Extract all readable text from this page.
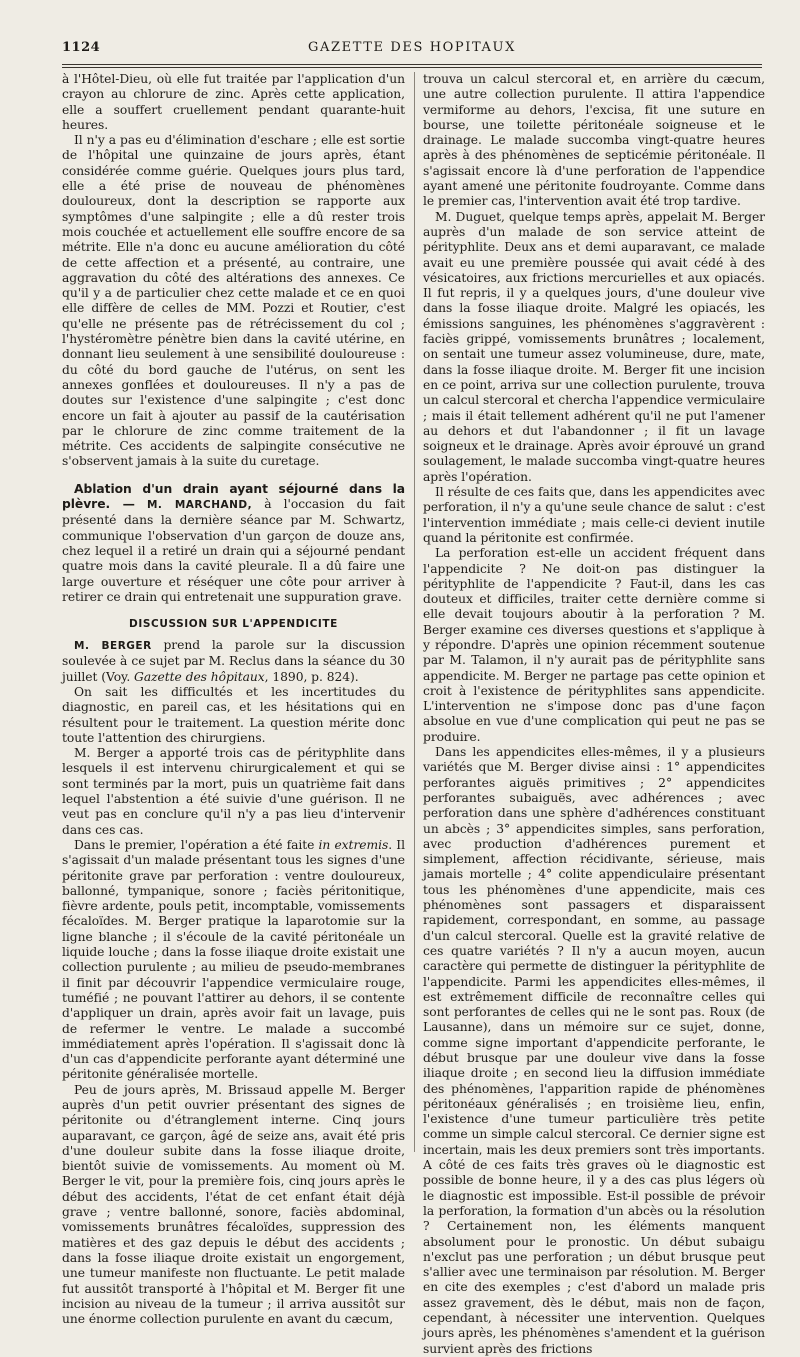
1124	GAZETTE DES HOPITAUX

à l'Hôtel-Dieu, où elle fut traitée par l'application d'un crayon au chlorure de zinc. Après cette application, elle a souffert cruellement pendant quarante-huit heures.

Il n'y a pas eu d'élimination d'eschare ; elle est sortie de l'hôpital une quinzaine de jours après, étant considérée comme guérie. Quelques jours plus tard, elle a été prise de nouveau de phénomènes douloureux, dont la description se rapporte aux symptômes d'une salpingite ; elle a dû rester trois mois couchée et actuellement elle souffre encore de sa métrite. Elle n'a donc eu aucune amélioration du côté de cette affection et a présenté, au contraire, une aggravation du côté des altérations des annexes. Ce qu'il y a de particulier chez cette malade et ce en quoi elle diffère de celles de MM. Pozzi et Routier, c'est qu'elle ne présente pas de rétrécissement du col ; l'hystéromètre pénètre bien dans la cavité utérine, en donnant lieu seulement à une sensibilité douloureuse : du côté du bord gauche de l'utérus, on sent les annexes gonflées et douloureuses. Il n'y a pas de doutes sur l'existence d'une salpingite ; c'est donc encore un fait à ajouter au passif de la cautérisation par le chlorure de zinc comme traitement de la métrite. Ces accidents de salpingite consécutive ne s'observent jamais à la suite du curetage.

Ablation d'un drain ayant séjourné dans la plèvre. — M. MARCHAND, à l'occasion du fait présenté dans la dernière séance par M. Schwartz, communique l'observation d'un garçon de douze ans, chez lequel il a retiré un drain qui a séjourné pendant quatre mois dans la cavité pleurale. Il a dû faire une large ouverture et réséquer une côte pour arriver à retirer ce drain qui entretenait une suppuration grave.

DISCUSSION SUR L'APPENDICITE

M. BERGER prend la parole sur la discussion soulevée à ce sujet par M. Reclus dans la séance du 30 juillet (Voy. Gazette des hôpitaux, 1890, p. 824).

On sait les difficultés et les incertitudes du diagnostic, en pareil cas, et les hésitations qui en résultent pour le traitement. La question mérite donc toute l'attention des chirurgiens.

M. Berger a apporté trois cas de pérityphlite dans lesquels il est intervenu chirurgicalement et qui se sont terminés par la mort, puis un quatrième fait dans lequel l'abstention a été suivie d'une guérison. Il ne veut pas en conclure qu'il n'y a pas lieu d'intervenir dans ces cas.

Dans le premier, l'opération a été faite in extremis. Il s'agissait d'un malade présentant tous les signes d'une péritonite grave par perforation : ventre douloureux, ballonné, tympanique, sonore ; faciès péritonitique, fièvre ardente, pouls petit, incomptable, vomissements fécaloïdes. M. Berger pratique la laparotomie sur la ligne blanche ; il s'écoule de la cavité péritonéale un liquide louche ; dans la fosse iliaque droite existait une collection purulente ; au milieu de pseudo-membranes il finit par découvrir l'appendice vermiculaire rouge, tuméfié ; ne pouvant l'attirer au dehors, il se contente d'appliquer un drain, après avoir fait un lavage, puis de refermer le ventre. Le malade a succombé immédiatement après l'opération. Il s'agissait donc là d'un cas d'appendicite perforante ayant déterminé une péritonite généralisée mortelle.

Peu de jours après, M. Brissaud appelle M. Berger auprès d'un petit ouvrier présentant des signes de péritonite ou d'étranglement interne. Cinq jours auparavant, ce garçon, âgé de seize ans, avait été pris d'une douleur subite dans la fosse iliaque droite, bientôt suivie de vomissements. Au moment où M. Berger le vit, pour la première fois, cinq jours après le début des accidents, l'état de cet enfant était déjà grave ; ventre ballonné, sonore, faciès abdominal, vomissements brunâtres fécaloïdes, suppression des matières et des gaz depuis le début des accidents ; dans la fosse iliaque droite existait un engorgement, une tumeur manifeste non fluctuante. Le petit malade fut aussitôt transporté à l'hôpital et M. Berger fit une incision au niveau de la tumeur ; il arriva aussitôt sur une énorme collection purulente en avant du cæcum,

trouva un calcul stercoral et, en arrière du cæcum, une autre collection purulente. Il attira l'appendice vermiforme au dehors, l'excisa, fit une suture en bourse, une toilette péritonéale soigneuse et le drainage. Le malade succomba vingt-quatre heures après à des phénomènes de septicémie péritonéale. Il s'agissait encore là d'une perforation de l'appendice ayant amené une péritonite foudroyante. Comme dans le premier cas, l'intervention avait été trop tardive.

M. Duguet, quelque temps après, appelait M. Berger auprès d'un malade de son service atteint de pérityphlite. Deux ans et demi auparavant, ce malade avait eu une première poussée qui avait cédé à des vésicatoires, aux frictions mercurielles et aux opiacés. Il fut repris, il y a quelques jours, d'une douleur vive dans la fosse iliaque droite. Malgré les opiacés, les émissions sanguines, les phénomènes s'aggravèrent : faciès grippé, vomissements brunâtres ; localement, on sentait une tumeur assez volumineuse, dure, mate, dans la fosse iliaque droite. M. Berger fit une incision en ce point, arriva sur une collection purulente, trouva un calcul stercoral et chercha l'appendice vermiculaire ; mais il était tellement adhérent qu'il ne put l'amener au dehors et dut l'abandonner ; il fit un lavage soigneux et le drainage. Après avoir éprouvé un grand soulagement, le malade succomba vingt-quatre heures après l'opération.

Il résulte de ces faits que, dans les appendicites avec perforation, il n'y a qu'une seule chance de salut : c'est l'intervention immédiate ; mais celle-ci devient inutile quand la péritonite est confirmée.

La perforation est-elle un accident fréquent dans l'appendicite ? Ne doit-on pas distinguer la pérityphlite de l'appendicite ? Faut-il, dans les cas douteux et difficiles, traiter cette dernière comme si elle devait toujours aboutir à la perforation ? M. Berger examine ces diverses questions et s'applique à y répondre. D'après une opinion récemment soutenue par M. Talamon, il n'y aurait pas de pérityphlite sans appendicite. M. Berger ne partage pas cette opinion et croit à l'existence de pérityphlites sans appendicite. L'intervention ne s'impose donc pas d'une façon absolue en vue d'une complication qui peut ne pas se produire.

Dans les appendicites elles-mêmes, il y a plusieurs variétés que M. Berger divise ainsi : 1° appendicites perforantes aiguës primitives ; 2° appendicites perforantes subaiguës, avec adhérences ; avec perforation dans une sphère d'adhérences constituant un abcès ; 3° appendicites simples, sans perforation, avec production d'adhérences purement et simplement, affection récidivante, sérieuse, mais jamais mortelle ; 4° colite appendiculaire présentant tous les phénomènes d'une appendicite, mais ces phénomènes sont passagers et disparaissent rapidement, correspondant, en somme, au passage d'un calcul stercoral. Quelle est la gravité relative de ces quatre variétés ? Il n'y a aucun moyen, aucun caractère qui permette de distinguer la pérityphlite de l'appendicite. Parmi les appendicites elles-mêmes, il est extrêmement difficile de reconnaître celles qui sont perforantes de celles qui ne le sont pas. Roux (de Lausanne), dans un mémoire sur ce sujet, donne, comme signe important d'appendicite perforante, le début brusque par une douleur vive dans la fosse iliaque droite ; en second lieu la diffusion immédiate des phénomènes, l'apparition rapide de phénomènes péritonéaux généralisés ; en troisième lieu, enfin, l'existence d'une tumeur particulière très petite comme un simple calcul stercoral. Ce dernier signe est incertain, mais les deux premiers sont très importants. A côté de ces faits très graves où le diagnostic est possible de bonne heure, il y a des cas plus légers où le diagnostic est impossible. Est-il possible de prévoir la perforation, la formation d'un abcès ou la résolution ? Certainement non, les éléments manquent absolument pour le pronostic. Un début subaigu n'exclut pas une perforation ; un début brusque peut s'allier avec une terminaison par résolution. M. Berger en cite des exemples ; c'est d'abord un malade pris assez gravement, dès le début, mais non de façon, cependant, à nécessiter une intervention. Quelques jours après, les phénomènes s'amendent et la guérison survient après des frictions
